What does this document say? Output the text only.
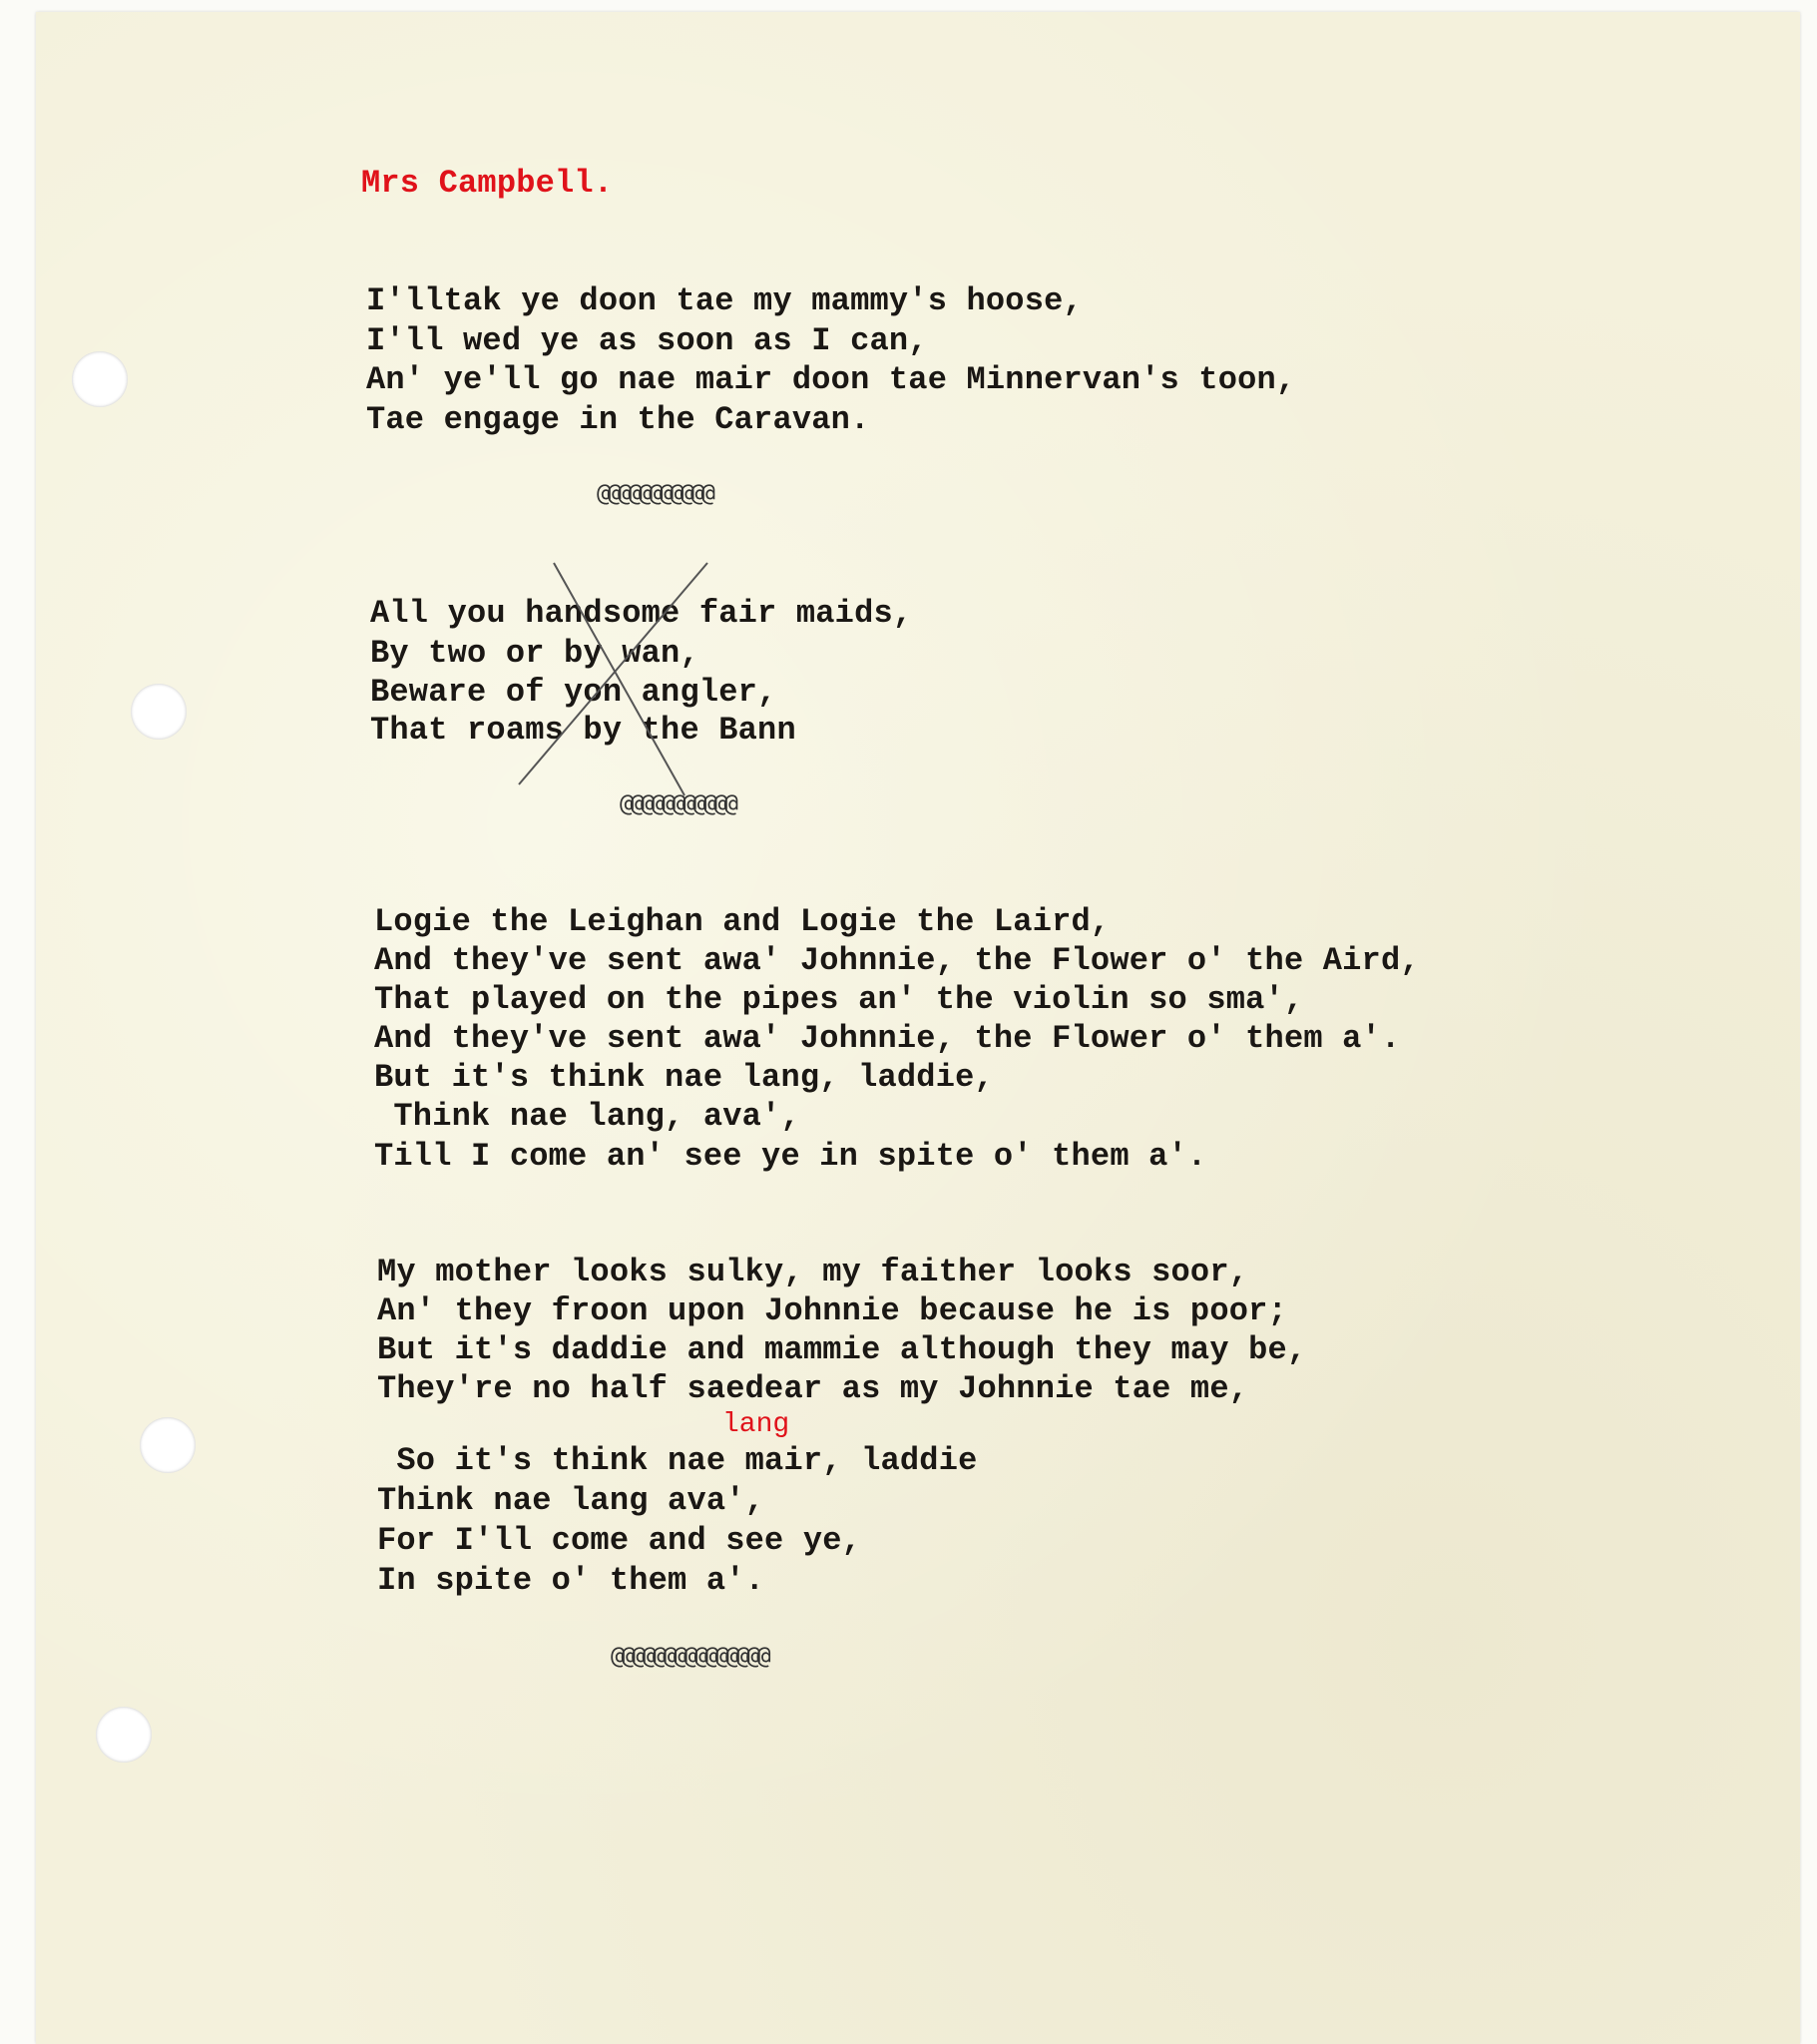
Mrs Campbell.
I'lltak ye doon tae my mammy's hoose,
I'll wed ye as soon as I can,
An' ye'll go nae mair doon tae Minnervan's toon,
Tae engage in the Caravan.
@@@@@@@@@@@
All you handsome fair maids,
By two or by wan,
Beware of yon angler,
That roams by the Bann
@@@@@@@@@@@
Logie the Leighan and Logie the Laird,
And they've sent awa' Johnnie, the Flower o' the Aird,
That played on the pipes an' the violin so sma',
And they've sent awa' Johnnie, the Flower o' them a'.
But it's think nae lang, laddie,
Think nae lang, ava',
Till I come an' see ye in spite o' them a'.
My mother looks sulky, my faither looks soor,
An' they froon upon Johnnie because he is poor;
But it's daddie and mammie although they may be,
They're no half saedear as my Johnnie tae me,
lang
So it's think nae mair, laddie
Think nae lang ava',
For I'll come and see ye,
In spite o' them a'.
@@@@@@@@@@@@@@@
